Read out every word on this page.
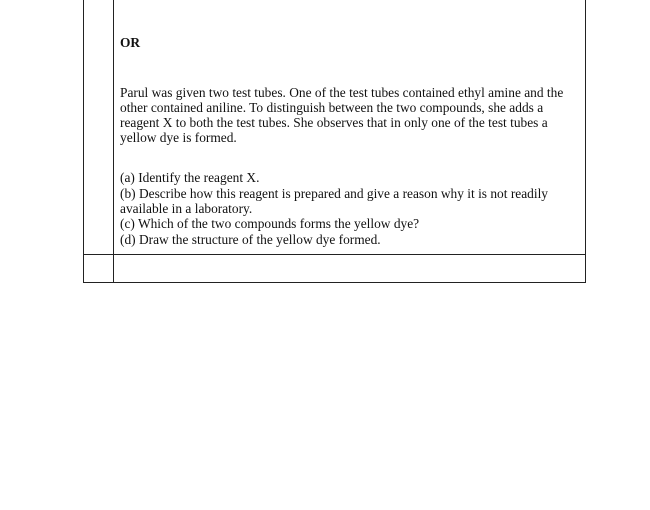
OR

Parul was given two test tubes. One of the test tubes contained ethyl amine and the other contained aniline. To distinguish between the two compounds, she adds a reagent X to both the test tubes. She observes that in only one of the test tubes a yellow dye is formed.

(a) Identify the reagent X.
(b) Describe how this reagent is prepared and give a reason why it is not readily available in a laboratory.
(c) Which of the two compounds forms the yellow dye?
(d) Draw the structure of the yellow dye formed.
